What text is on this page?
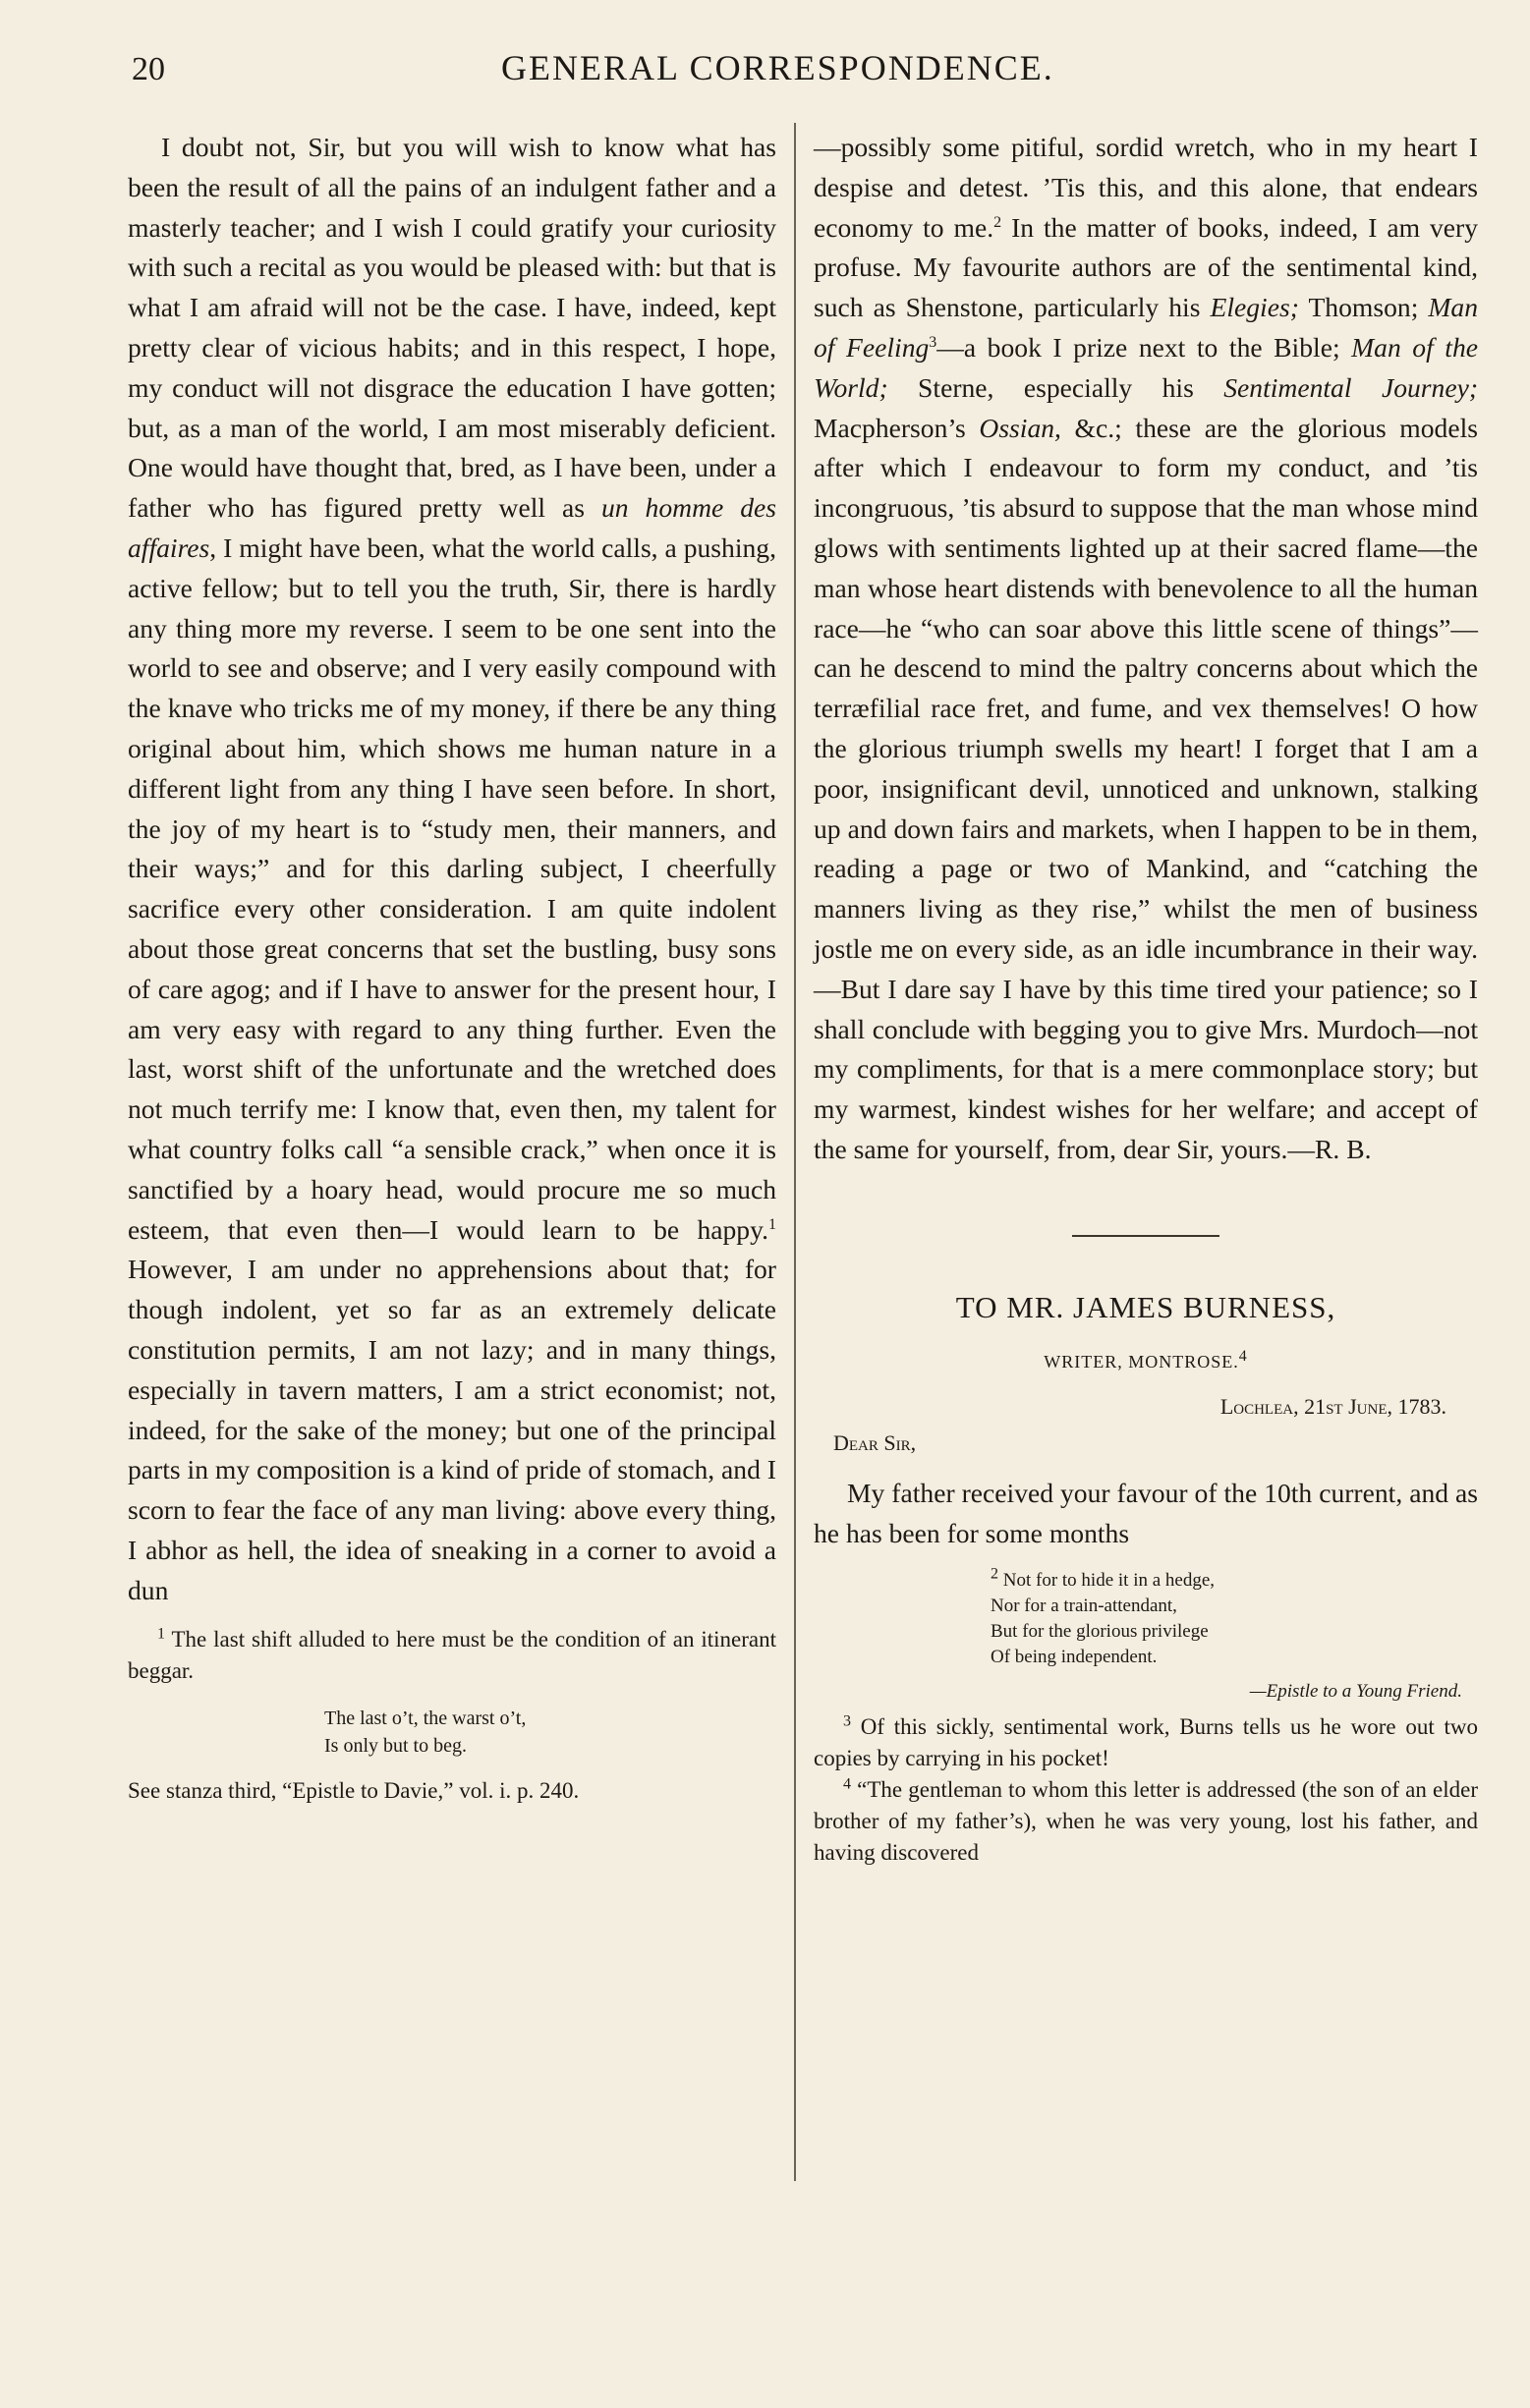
20	GENERAL CORRESPONDENCE.

I doubt not, Sir, but you will wish to know what has been the result of all the pains of an indulgent father and a masterly teacher; and I wish I could gratify your curiosity with such a recital as you would be pleased with: but that is what I am afraid will not be the case. I have, indeed, kept pretty clear of vicious habits; and in this respect, I hope, my conduct will not disgrace the education I have gotten; but, as a man of the world, I am most miserably deficient. One would have thought that, bred, as I have been, under a father who has figured pretty well as un homme des affaires, I might have been, what the world calls, a pushing, active fellow; but to tell you the truth, Sir, there is hardly any thing more my reverse. I seem to be one sent into the world to see and observe; and I very easily compound with the knave who tricks me of my money, if there be any thing original about him, which shows me human nature in a different light from any thing I have seen before. In short, the joy of my heart is to “study men, their manners, and their ways;” and for this darling subject, I cheerfully sacrifice every other consideration. I am quite indolent about those great concerns that set the bustling, busy sons of care agog; and if I have to answer for the present hour, I am very easy with regard to any thing further. Even the last, worst shift of the unfortunate and the wretched does not much terrify me: I know that, even then, my talent for what country folks call “a sensible crack,” when once it is sanctified by a hoary head, would procure me so much esteem, that even then—I would learn to be happy.$^1$ However, I am under no apprehensions about that; for though indolent, yet so far as an extremely delicate constitution permits, I am not lazy; and in many things, especially in tavern matters, I am a strict economist; not, indeed, for the sake of the money; but one of the principal parts in my composition is a kind of pride of stomach, and I scorn to fear the face of any man living: above every thing, I abhor as hell, the idea of sneaking in a corner to avoid a dun

$^1$ The last shift alluded to here must be the condition of an itinerant beggar.

The last o’t, the warst o’t,
Is only but to beg.

See stanza third, “Epistle to Davie,” vol. i. p. 240.

—possibly some pitiful, sordid wretch, who in my heart I despise and detest. ’Tis this, and this alone, that endears economy to me.$^2$ In the matter of books, indeed, I am very profuse. My favourite authors are of the sentimental kind, such as Shenstone, particularly his Elegies; Thomson; Man of Feeling$^3$—a book I prize next to the Bible; Man of the World; Sterne, especially his Sentimental Journey; Macpherson’s Ossian, &c.; these are the glorious models after which I endeavour to form my conduct, and ’tis incongruous, ’tis absurd to suppose that the man whose mind glows with sentiments lighted up at their sacred flame—the man whose heart distends with benevolence to all the human race—he “who can soar above this little scene of things”—can he descend to mind the paltry concerns about which the terræfilial race fret, and fume, and vex themselves! O how the glorious triumph swells my heart! I forget that I am a poor, insignificant devil, unnoticed and unknown, stalking up and down fairs and markets, when I happen to be in them, reading a page or two of Mankind, and “catching the manners living as they rise,” whilst the men of business jostle me on every side, as an idle incumbrance in their way.—But I dare say I have by this time tired your patience; so I shall conclude with begging you to give Mrs. Murdoch—not my compliments, for that is a mere commonplace story; but my warmest, kindest wishes for her welfare; and accept of the same for yourself, from, dear Sir, yours.—R. B.

TO MR. JAMES BURNESS,
WRITER, MONTROSE.$^4$
Lochlea, 21st June, 1783.
Dear Sir,

My father received your favour of the 10th current, and as he has been for some months

$^2$ Not for to hide it in a hedge,
Nor for a train-attendant,
But for the glorious privilege
Of being independent.
—Epistle to a Young Friend.

$^3$ Of this sickly, sentimental work, Burns tells us he wore out two copies by carrying in his pocket!

$^4$ “The gentleman to whom this letter is addressed (the son of an elder brother of my father’s), when he was very young, lost his father, and having discovered
